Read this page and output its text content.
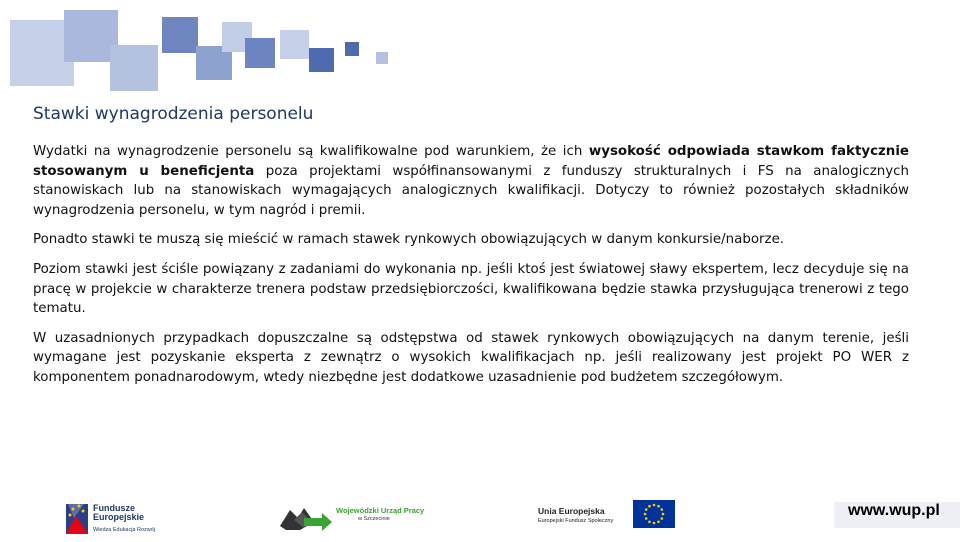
Stawki wynagrodzenia personelu

Wydatki na wynagrodzenie personelu są kwalifikowalne pod warunkiem, że ich wysokość odpowiada stawkom faktycznie stosowanym u beneficjenta poza projektami współfinansowanymi z funduszy strukturalnych i FS na analogicznych stanowiskach lub na stanowiskach wymagających analogicznych kwalifikacji. Dotyczy to również pozostałych składników wynagrodzenia personelu, w tym nagród i premii.

Ponadto stawki te muszą się mieścić w ramach stawek rynkowych obowiązujących w danym konkursie/naborze.

Poziom stawki jest ściśle powiązany z zadaniami do wykonania np. jeśli ktoś jest światowej sławy ekspertem, lecz decyduje się na pracę w projekcie w charakterze trenera podstaw przedsiębiorczości, kwalifikowana będzie stawka przysługująca trenerowi z tego tematu.

W uzasadnionych przypadkach dopuszczalne są odstępstwa od stawek rynkowych obowiązujących na danym terenie, jeśli wymagane jest pozyskanie eksperta z zewnątrz o wysokich kwalifikacjach np. jeśli realizowany jest projekt PO WER z komponentem ponadnarodowym, wtedy niezbędne jest dodatkowe uzasadnienie pod budżetem szczegółowym.

Fundusze
Europejskie
Wiedza Edukacja Rozwój
Wojewódzki Urząd Pracy
w Szczecinie
Unia Europejska
Europejski Fundusz Społeczny
www.wup.pl
